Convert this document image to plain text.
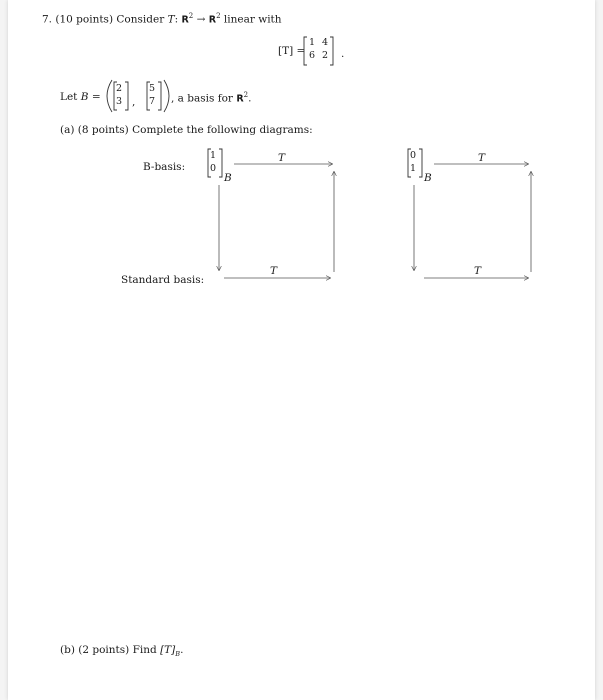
7. (10 points) Consider T: $R^2 \to R^2$ linear with
[T] =
1 4
6 2 .
Let B =
2
3 ,
5
7 , a basis for $R^2$.
(a) (8 points) Complete the following diagrams:
B-basis:
Standard basis:
1
0
B
T
T
0
1
B
T
T
(b) (2 points) Find $[T]_B$.
